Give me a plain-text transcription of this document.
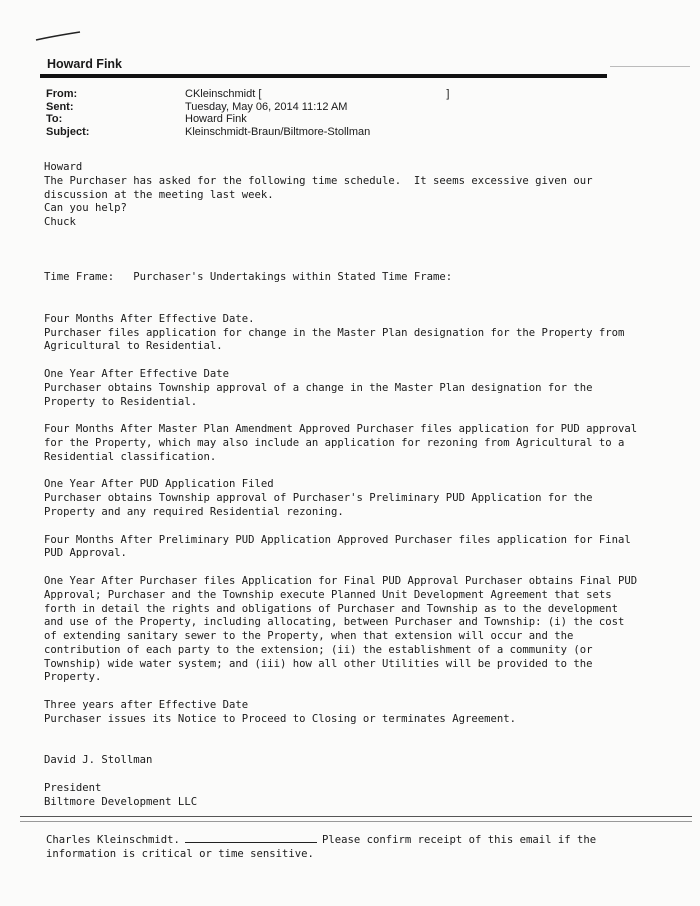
Howard Fink
From:	CKleinschmidt [	]
Sent:	Tuesday, May 06, 2014 11:12 AM
To:	Howard Fink
Subject:	Kleinschmidt-Braun/Biltmore-Stollman
Howard
The Purchaser has asked for the following time schedule.  It seems excessive given our
discussion at the meeting last week.
Can you help?
Chuck
Time Frame:   Purchaser's Undertakings within Stated Time Frame:
Four Months After Effective Date.
Purchaser files application for change in the Master Plan designation for the Property from
Agricultural to Residential.
One Year After Effective Date
Purchaser obtains Township approval of a change in the Master Plan designation for the
Property to Residential.
Four Months After Master Plan Amendment Approved Purchaser files application for PUD approval
for the Property, which may also include an application for rezoning from Agricultural to a
Residential classification.
One Year After PUD Application Filed
Purchaser obtains Township approval of Purchaser's Preliminary PUD Application for the
Property and any required Residential rezoning.
Four Months After Preliminary PUD Application Approved Purchaser files application for Final
PUD Approval.
One Year After Purchaser files Application for Final PUD Approval Purchaser obtains Final PUD
Approval; Purchaser and the Township execute Planned Unit Development Agreement that sets
forth in detail the rights and obligations of Purchaser and Township as to the development
and use of the Property, including allocating, between Purchaser and Township: (i) the cost
of extending sanitary sewer to the Property, when that extension will occur and the
contribution of each party to the extension; (ii) the establishment of a community (or
Township) wide water system; and (iii) how all other Utilities will be provided to the
Property.
Three years after Effective Date
Purchaser issues its Notice to Proceed to Closing or terminates Agreement.
David J. Stollman
President
Biltmore Development LLC
Charles Kleinschmidt.	Please confirm receipt of this email if the
information is critical or time sensitive.
